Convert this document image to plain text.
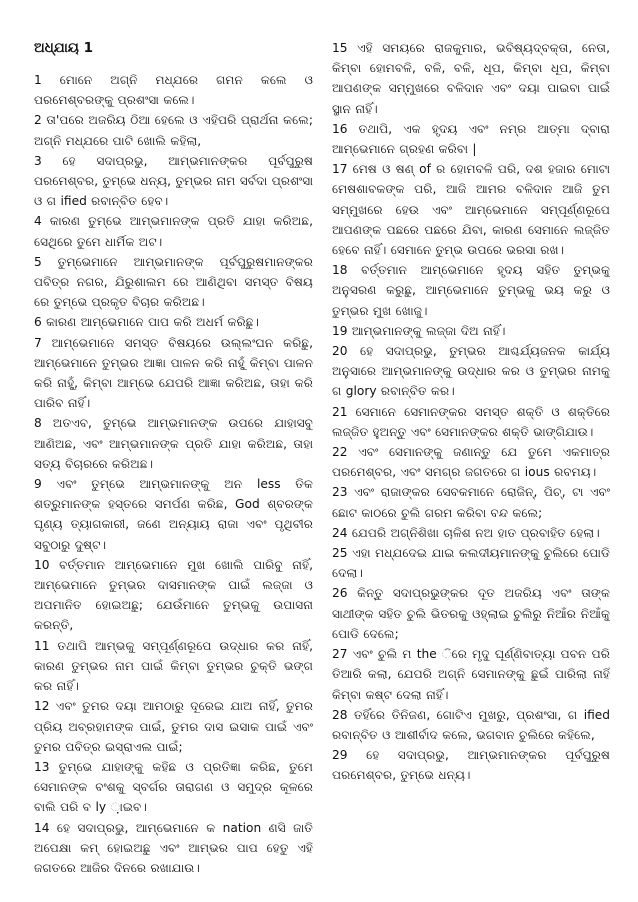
ଅଧ୍ଯାୟ 1

1 ମୋନେ ଅଗ୍ନି ମଧ୍ଯରେ ଗମନ କଲେ ଓ ପରମେଶ୍ବରଙ୍କୁ ପ୍ରଶଂସା କଲେ।

2 ତା'ପରେ ଅଜରିୟ ଠିଆ ହେଲେ ଓ ଏହିପରି ପ୍ରାର୍ଥନା କଲେ; ଅଗ୍ନି ମଧ୍ଯରେ ପାଟି ଖୋଲି କହିଲା,

3 ହେ ସଦାପ୍ରଭୁ, ଆମ୍ଭମାନଙ୍କର ପୂର୍ବପୁରୁଷ ପରମେଶ୍ବର, ତୁମ୍ଭେ ଧନ୍ୟ, ତୁମ୍ଭର ନାମ ସର୍ବଦା ପ୍ରଶଂସା ଓ ଗ ified ରବାନ୍ବିତ ହେବ।

4 କାରଣ ତୁମ୍ଭେ ଆମ୍ଭମାନଙ୍କ ପ୍ରତି ଯାହା କରିଅଛ, ସେଥିରେ ତୁମେ ଧାର୍ମିକ ଅଟ।

5 ତୁମ୍ଭେମାନେ ଆମ୍ଭମାନଙ୍କ ପୂର୍ବପୁରୁଷମାନଙ୍କର ପବିତ୍ର ନଗର, ଯିରୁଶାଲମ ରେ ଆଣିଥିବା ସମସ୍ତ ବିଷୟ ରେ ତୁମ୍ଭେ ପ୍ରକୃତ ବିଚାର କରିଅଛ।

6 କାରଣ ଆମ୍ଭେମାନେ ପାପ କରି ଅଧର୍ମ କରିଛୁ।

7 ଆମ୍ଭେମାନେ ସମସ୍ତ ବିଷୟରେ ଉଲ୍ଲଂଘନ କରିଛୁ, ଆମ୍ଭେମାନେ ତୁମ୍ଭର ଆଜ୍ଞା ପାଳନ କରି ନାହୁଁ କିମ୍ବା ପାଳନ କରି ନାହୁଁ, କିମ୍ବା ଆମ୍ଭେ ଯେପରି ଆଜ୍ଞା କରିଅଛ, ତାହା କରି ପାରିବ ନାହିଁ।

8 ଅତଏବ, ତୁମ୍ଭେ ଆମ୍ଭମାନଙ୍କ ଉପରେ ଯାହାସବୁ ଆଣିଅଛ, ଏବଂ ଆମ୍ଭମାନଙ୍କ ପ୍ରତି ଯାହା କରିଅଛ, ତାହା ସତ୍ୟ ବିଚାରରେ କରିଅଛ।

9 ଏବଂ ତୁମ୍ଭେ ଆମ୍ଭମାନଙ୍କୁ ଅନ less ତିକ ଶତ୍ରୁମାନଙ୍କ ହସ୍ତରେ ସମର୍ପଣ କରିଛ, God ଶ୍ବରଙ୍କ ଘୃଣ୍ୟ ତ୍ୟାଗକାରୀ, ଜଣେ ଅନ୍ୟାୟ ରାଜା ଏବଂ ପୃଥିବୀର ସବୁଠାରୁ ଦୁଷ୍ଟ।

10 ବର୍ତ୍ତମାନ ଆମ୍ଭେମାନେ ମୁଖ ଖୋଲି ପାରିବୁ ନାହିଁ, ଆମ୍ଭେମାନେ ତୁମ୍ଭର ଦାସମାନଙ୍କ ପାଇଁ ଲଜ୍ଜା ଓ ଅପମାନିତ ହୋଇଅଛୁ; ଯେଉଁମାନେ ତୁମ୍ଭକୁ ଉପାସନା କରନ୍ତି,

11 ତଥାପି ଆମ୍ଭକୁ ସମ୍ପୂର୍ଣ୍ଣରୂପେ ଉଦ୍ଧାର କର ନାହିଁ, କାରଣ ତୁମ୍ଭର ନାମ ପାଇଁ କିମ୍ବା ତୁମ୍ଭର ଚୁକ୍ତି ଭଙ୍ଗ କର ନାହିଁ।

12 ଏବଂ ତୁମର ଦୟା ଆମଠାରୁ ଦୂରେଇ ଯାଅ ନାହିଁ, ତୁମର ପ୍ରିୟ ଅବ୍ରହାମଙ୍କ ପାଇଁ, ତୁମର ଦାସ ଇସାକ ପାଇଁ ଏବଂ ତୁମର ପବିତ୍ର ଇସ୍ରାଏଲ ପାଇଁ;

13 ତୁମ୍ଭେ ଯାହାଙ୍କୁ କହିଛ ଓ ପ୍ରତିଜ୍ଞା କରିଛ, ତୁମେ ସେମାନଙ୍କ ବଂଶକୁ ସ୍ବର୍ଗର ତାରାଗଣ ଓ ସମୁଦ୍ର କୂଳରେ ବାଲି ପରି ବ ly ଼ାଇବ।

14 ହେ ସଦାପ୍ରଭୁ, ଆମ୍ଭେମାନେ କ nation ଣସି ଜାତି ଅପେକ୍ଷା କମ୍ ହୋଇଅଛୁ ଏବଂ ଆମ୍ଭର ପାପ ହେତୁ ଏହି ଜଗତରେ ଆଜିର ଦିନରେ ରଖାଯାଉ।

15 ଏହି ସମୟରେ ରାଜକୁମାର, ଭବିଷ୍ୟଦ୍ବକ୍ତା, ନେତା, କିମ୍ବା ହୋମବଳି, ବଳି, ବଳି, ଧୂପ, କିମ୍ବା ଧୂପ, କିମ୍ବା ଆପଣଙ୍କ ସମ୍ମୁଖରେ ବଳିଦାନ ଏବଂ ଦୟା ପାଇବା ପାଇଁ ସ୍ଥାନ ନାହିଁ।

16 ତଥାପି, ଏକ ହୃଦୟ ଏବଂ ନମ୍ର ଆତ୍ମା ଦ୍ବାରା ଆମ୍ଭେମାନେ ଗ୍ରହଣ କରିବା |

17 ମେଷ ଓ ଷଣ୍ of ର ହୋମବଳି ପରି, ଦଶ ହଜାର ମୋଟା ମେଷଶାବକଙ୍କ ପରି, ଆଜି ଆମର ବଳିଦାନ ଆଜି ତୁମ ସମ୍ମୁଖରେ ହେଉ ଏବଂ ଆମ୍ଭେମାନେ ସମ୍ପୂର୍ଣ୍ଣରୂପେ ଆପଣଙ୍କ ପଛରେ ପଛରେ ଯିବା, କାରଣ ସେମାନେ ଲଜ୍ଜିତ ହେବେ ନାହିଁ। ସେମାନେ ତୁମ୍ଭ ଉପରେ ଭରସା ରଖ।

18 ବର୍ତ୍ତମାନ ଆମ୍ଭେମାନେ ହୃଦୟ ସହିତ ତୁମ୍ଭକୁ ଅନୁସରଣ କରୁଛୁ, ଆମ୍ଭେମାନେ ତୁମ୍ଭକୁ ଭୟ କରୁ ଓ ତୁମ୍ଭର ମୁଖ ଖୋଜୁ।

19 ଆମ୍ଭମାନଙ୍କୁ ଲଜ୍ଜା ଦିଅ ନାହିଁ।

20 ହେ ସଦାପ୍ରଭୁ, ତୁମ୍ଭର ଆଶ୍ଚର୍ଯ୍ୟଜନକ କାର୍ଯ୍ୟ ଅନୁସାରେ ଆମ୍ଭମାନଙ୍କୁ ଉଦ୍ଧାର କର ଓ ତୁମ୍ଭର ନାମକୁ ଗ glory ରବାନ୍ବିତ କର।

21 ସେମାନେ ସେମାନଙ୍କର ସମସ୍ତ ଶକ୍ତି ଓ ଶକ୍ତିରେ ଲଜ୍ଜିତ ହୁଅନ୍ତୁ ଏବଂ ସେମାନଙ୍କର ଶକ୍ତି ଭାଙ୍ଗିଯାଉ।

22 ଏବଂ ସେମାନଙ୍କୁ ଜଣାନ୍ତୁ ଯେ ତୁମେ ଏକମାତ୍ର ପରମେଶ୍ବର, ଏବଂ ସମଗ୍ର ଜଗତରେ ଗ ious ରବମୟ।

23 ଏବଂ ରାଜାଙ୍କର ସେବକମାନେ ରୋଜିନ୍, ପିଚ୍, ଟା ଏବଂ ଛୋଟ କାଠରେ ଚୁଲି ଗରମ କରିବା ବନ୍ଦ କଲେ;

24 ଯେପରି ଅଗ୍ନିଶିଖା ଚାଳିଶ ନଅ ହାତ ପ୍ରବାହିତ ହେଲା।

25 ଏହା ମଧ୍ଯଦେଇ ଯାଇ କଲଦୀୟମାନଙ୍କୁ ଚୁଲିରେ ପୋଡି ଦେଲା।

26 କିନ୍ତୁ ସଦାପ୍ରଭୁଙ୍କର ଦୂତ ଅଜରିୟ ଏବଂ ତାଙ୍କ ସାଥୀଙ୍କ ସହିତ ଚୁଲି ଭିତରକୁ ଓହ୍ଲାଇ ଚୁଲିରୁ ନିଆଁର ନିଆଁକୁ ପୋଡି ଦେଲେ;

27 ଏବଂ ଚୁଲି ମ the ିରେ ମୃଦୁ ଘୂର୍ଣ୍ଣିବାତ୍ୟା ପବନ ପରି ତିଆରି କଲା, ଯେପରି ଅଗ୍ନି ସେମାନଙ୍କୁ ଛୁଇଁ ପାରିଲା ନାହିଁ କିମ୍ବା କଷ୍ଟ ଦେଲା ନାହିଁ।

28 ତହିଁରେ ତିନିଜଣ, ଗୋଟିଏ ମୁଖରୁ, ପ୍ରଶଂସା, ଗ ified ରବାନ୍ବିତ ଓ ଆଶୀର୍ବାଦ କଲେ, ଭଗବାନ ଚୁଲିରେ କହିଲେ,

29 ହେ ସଦାପ୍ରଭୁ, ଆମ୍ଭମାନଙ୍କର ପୂର୍ବପୁରୁଷ ପରମେଶ୍ବର, ତୁମ୍ଭେ ଧନ୍ୟ।
